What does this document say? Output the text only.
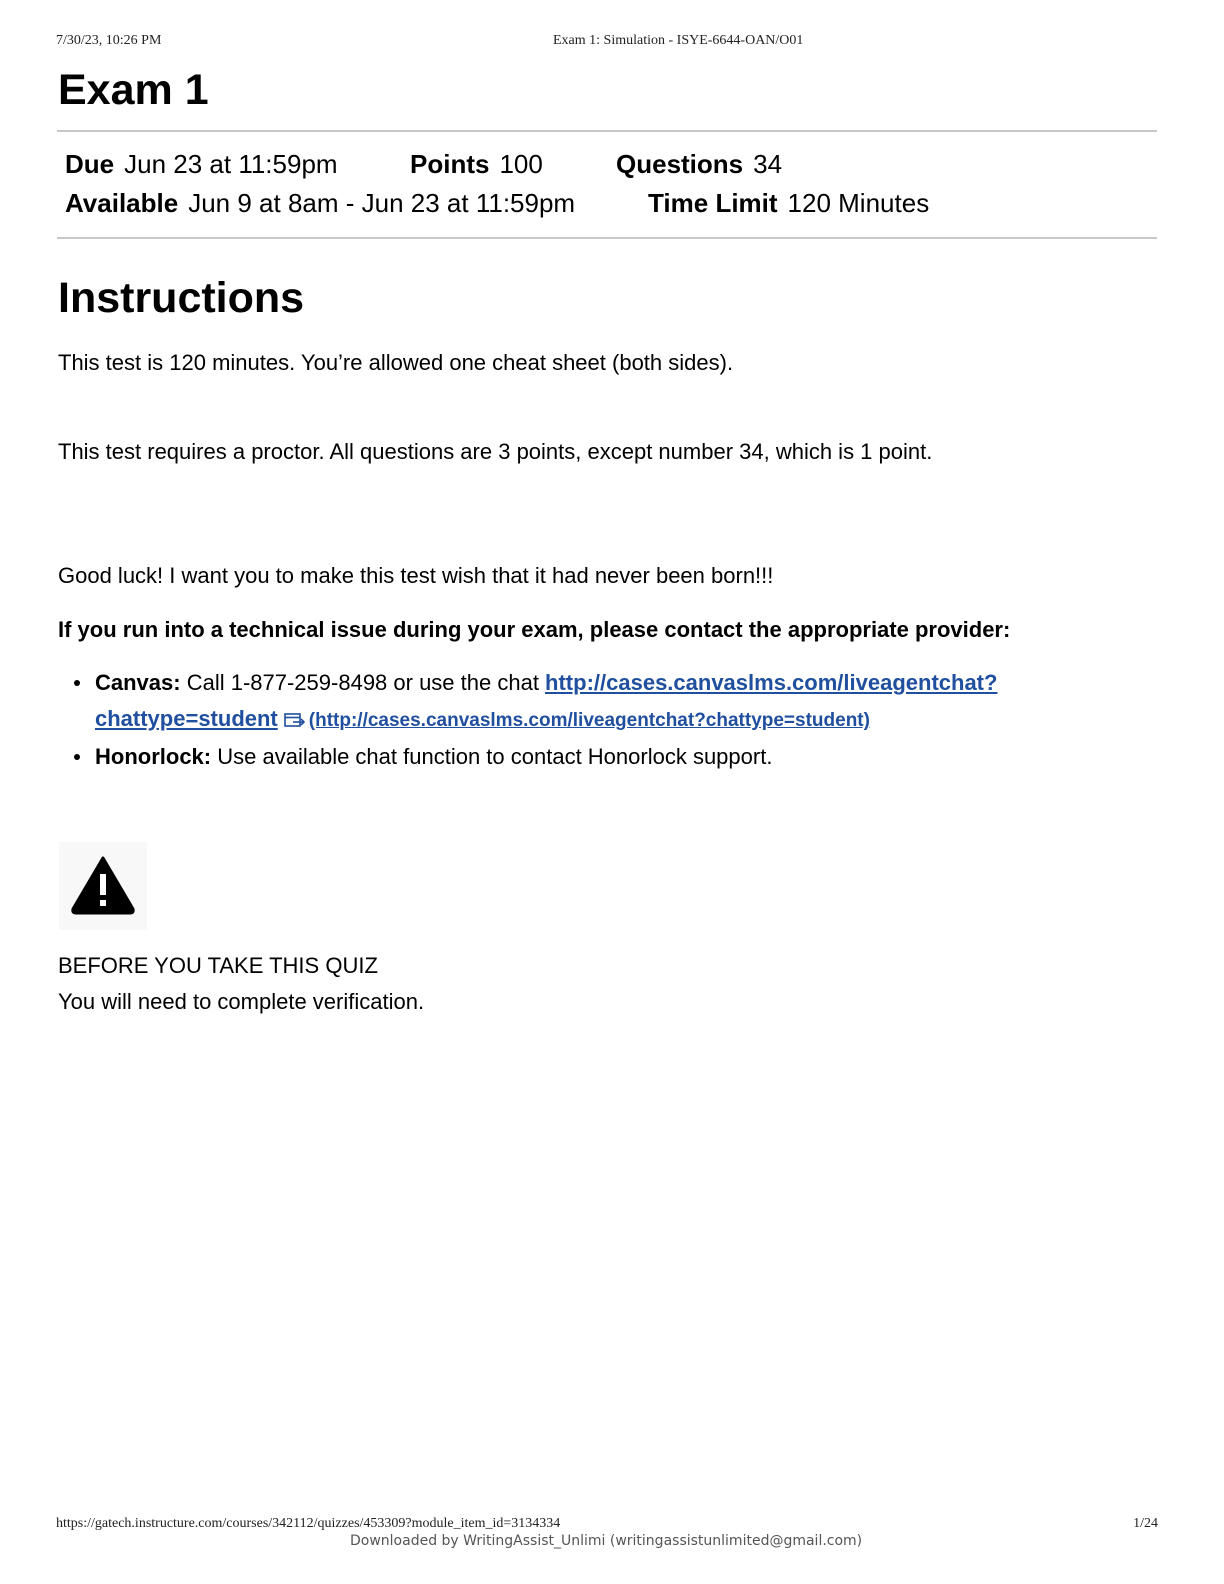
7/30/23, 10:26 PM	Exam 1: Simulation - ISYE-6644-OAN/O01
Exam 1
Due Jun 23 at 11:59pm	Points 100	Questions 34
Available Jun 9 at 8am - Jun 23 at 11:59pm	Time Limit 120 Minutes
Instructions

This test is 120 minutes. You’re allowed one cheat sheet (both sides).

This test requires a proctor. All questions are 3 points, except number 34, which is 1 point.

Good luck! I want you to make this test wish that it had never been born!!!

If you run into a technical issue during your exam, please contact the appropriate provider:

Canvas: Call 1-877-259-8498 or use the chat http://cases.canvaslms.com/liveagentchat?chattype=student (http://cases.canvaslms.com/liveagentchat?chattype=student)
Honorlock: Use available chat function to contact Honorlock support.

BEFORE YOU TAKE THIS QUIZ
You will need to complete verification.

https://gatech.instructure.com/courses/342112/quizzes/453309?module_item_id=3134334	1/24
Downloaded by WritingAssist_Unlimi (writingassistunlimited@gmail.com)
